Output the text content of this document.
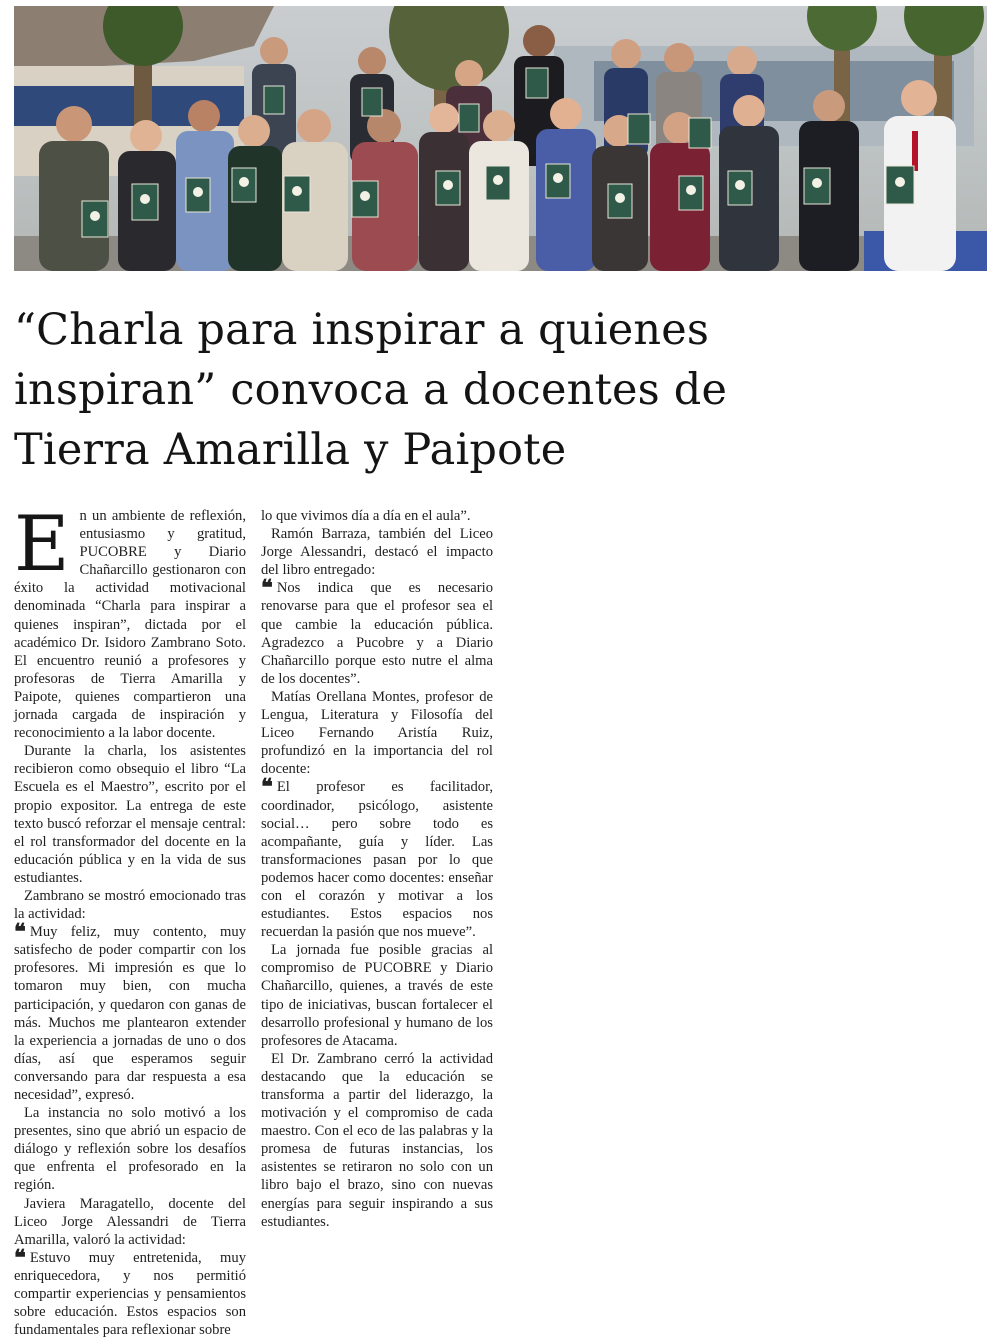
“Charla para inspirar a quienes inspiran” convoca a docentes de Tierra Amarilla y Paipote

En un ambiente de reflexión, entusiasmo y gratitud, PUCOBRE y Diario Chañarcillo gestionaron con éxito la actividad motivacional denominada “Charla para inspirar a quienes inspiran”, dictada por el académico Dr. Isidoro Zambrano Soto. El encuentro reunió a profesores y profesoras de Tierra Amarilla y Paipote, quienes compartieron una jornada cargada de inspiración y reconocimiento a la labor docente.

Durante la charla, los asistentes recibieron como obsequio el libro “La Escuela es el Maestro”, escrito por el propio expositor. La entrega de este texto buscó reforzar el mensaje central: el rol transformador del docente en la educación pública y en la vida de sus estudiantes.

Zambrano se mostró emocionado tras la actividad:

❝ Muy feliz, muy contento, muy satisfecho de poder compartir con los profesores. Mi impresión es que lo tomaron muy bien, con mucha participación, y quedaron con ganas de más. Muchos me plantearon extender la experiencia a jornadas de uno o dos días, así que esperamos seguir conversando para dar respuesta a esa necesidad”, expresó.

La instancia no solo motivó a los presentes, sino que abrió un espacio de diálogo y reflexión sobre los desafíos que enfrenta el profesorado en la región.

Javiera Maragatello, docente del Liceo Jorge Alessandri de Tierra Amarilla, valoró la actividad:

❝ Estuvo muy entretenida, muy enriquecedora, y nos permitió compartir experiencias y pensamientos sobre educación. Estos espacios son fundamentales para reflexionar sobre

lo que vivimos día a día en el aula”.

Ramón Barraza, también del Liceo Jorge Alessandri, destacó el impacto del libro entregado:

❝ Nos indica que es necesario renovarse para que el profesor sea el que cambie la educación pública. Agradezco a Pucobre y a Diario Chañarcillo porque esto nutre el alma de los docentes”.

Matías Orellana Montes, profesor de Lengua, Literatura y Filosofía del Liceo Fernando Aristía Ruiz, profundizó en la importancia del rol docente:

❝ El profesor es facilitador, coordinador, psicólogo, asistente social… pero sobre todo es acompañante, guía y líder. Las transformaciones pasan por lo que podemos hacer como docentes: enseñar con el corazón y motivar a los estudiantes. Estos espacios nos recuerdan la pasión que nos mueve”.

La jornada fue posible gracias al compromiso de PUCOBRE y Diario Chañarcillo, quienes, a través de este tipo de iniciativas, buscan fortalecer el desarrollo profesional y humano de los profesores de Atacama.

El Dr. Zambrano cerró la actividad destacando que la educación se transforma a partir del liderazgo, la motivación y el compromiso de cada maestro. Con el eco de las palabras y la promesa de futuras instancias, los asistentes se retiraron no solo con un libro bajo el brazo, sino con nuevas energías para seguir inspirando a sus estudiantes.
